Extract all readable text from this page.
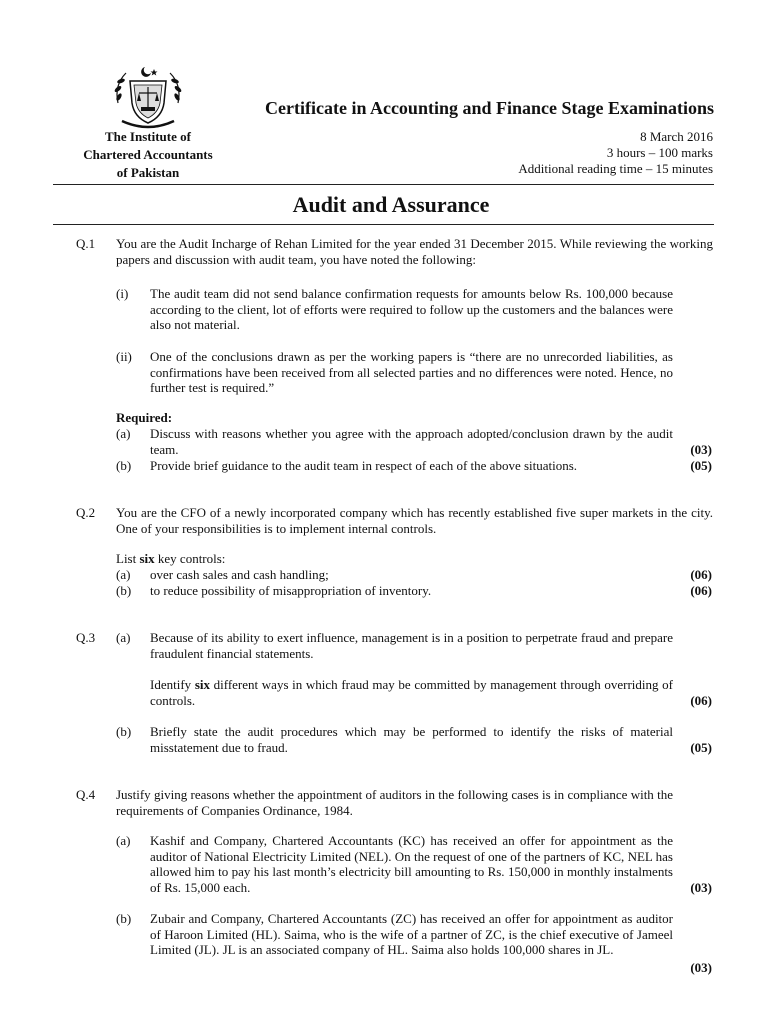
The Institute of
Chartered Accountants
of Pakistan
Certificate in Accounting and Finance Stage Examinations
8 March 2016
3 hours – 100 marks
Additional reading time – 15 minutes
Audit and Assurance
Q.1 You are the Audit Incharge of Rehan Limited for the year ended 31 December 2015. While reviewing the working papers and discussion with audit team, you have noted the following:
(i) The audit team did not send balance confirmation requests for amounts below Rs. 100,000 because according to the client, lot of efforts were required to follow up the customers and the balances were also not material.
(ii) One of the conclusions drawn as per the working papers is “there are no unrecorded liabilities, as confirmations have been received from all selected parties and no differences were noted. Hence, no further test is required.”
Required:
(a) Discuss with reasons whether you agree with the approach adopted/conclusion drawn by the audit team.	(03)
(b) Provide brief guidance to the audit team in respect of each of the above situations.	(05)
Q.2 You are the CFO of a newly incorporated company which has recently established five super markets in the city. One of your responsibilities is to implement internal controls.
List six key controls:
(a) over cash sales and cash handling;	(06)
(b) to reduce possibility of misappropriation of inventory.	(06)
Q.3 (a) Because of its ability to exert influence, management is in a position to perpetrate fraud and prepare fraudulent financial statements.
Identify six different ways in which fraud may be committed by management through overriding of controls.	(06)
(b) Briefly state the audit procedures which may be performed to identify the risks of material misstatement due to fraud.	(05)
Q.4 Justify giving reasons whether the appointment of auditors in the following cases is in compliance with the requirements of Companies Ordinance, 1984.
(a) Kashif and Company, Chartered Accountants (KC) has received an offer for appointment as the auditor of National Electricity Limited (NEL). On the request of one of the partners of KC, NEL has allowed him to pay his last month’s electricity bill amounting to Rs. 150,000 in monthly instalments of Rs. 15,000 each.	(03)
(b) Zubair and Company, Chartered Accountants (ZC) has received an offer for appointment as auditor of Haroon Limited (HL). Saima, who is the wife of a partner of ZC, is the chief executive of Jameel Limited (JL). JL is an associated company of HL. Saima also holds 100,000 shares in JL.
(03)
